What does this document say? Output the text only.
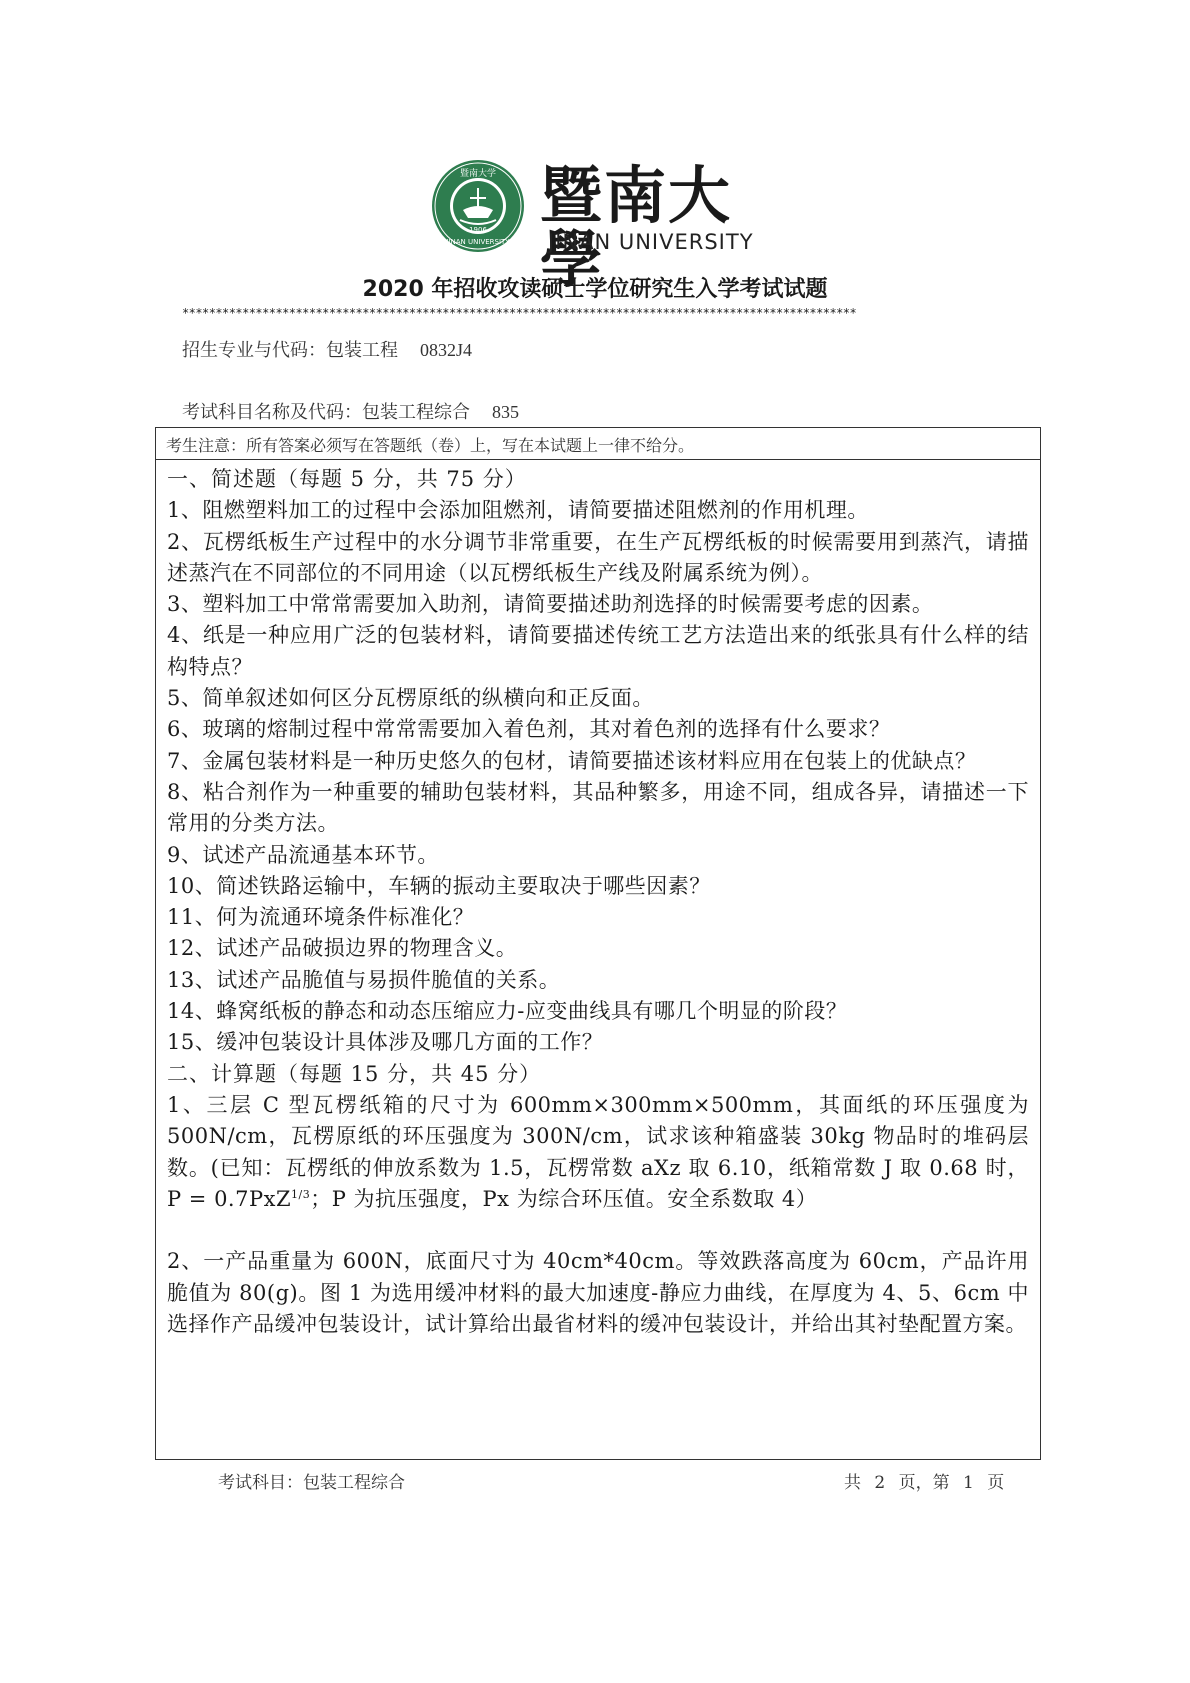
暨南大学
JINAN UNIVERSITY
1906 暨南大學
JINAN UNIVERSITY
2020 年招收攻读硕士学位研究生入学考试试题
*****************************************************************************************************
招生专业与代码：包装工程 0832J4
考试科目名称及代码：包装工程综合 835
考生注意：所有答案必须写在答题纸（卷）上，写在本试题上一律不给分。

一、简述题（每题 5 分，共 75 分）

1、阻燃塑料加工的过程中会添加阻燃剂，请简要描述阻燃剂的作用机理。

2、瓦楞纸板生产过程中的水分调节非常重要，在生产瓦楞纸板的时候需要用到蒸汽，请描述蒸汽在不同部位的不同用途（以瓦楞纸板生产线及附属系统为例）。

3、塑料加工中常常需要加入助剂，请简要描述助剂选择的时候需要考虑的因素。

4、纸是一种应用广泛的包装材料，请简要描述传统工艺方法造出来的纸张具有什么样的结构特点？

5、简单叙述如何区分瓦楞原纸的纵横向和正反面。

6、玻璃的熔制过程中常常需要加入着色剂，其对着色剂的选择有什么要求？

7、金属包装材料是一种历史悠久的包材，请简要描述该材料应用在包装上的优缺点？

8、粘合剂作为一种重要的辅助包装材料，其品种繁多，用途不同，组成各异，请描述一下常用的分类方法。

9、试述产品流通基本环节。

10、简述铁路运输中，车辆的振动主要取决于哪些因素？

11、何为流通环境条件标准化？

12、试述产品破损边界的物理含义。

13、试述产品脆值与易损件脆值的关系。

14、蜂窝纸板的静态和动态压缩应力-应变曲线具有哪几个明显的阶段？

15、缓冲包装设计具体涉及哪几方面的工作？

二、计算题（每题 15 分，共 45 分）

1、三层 C 型瓦楞纸箱的尺寸为 600mm×300mm×500mm，其面纸的环压强度为 500N/cm，瓦楞原纸的环压强度为 300N/cm，试求该种箱盛装 30kg 物品时的堆码层数。(已知：瓦楞纸的伸放系数为 1.5，瓦楞常数 aXz 取 6.10，纸箱常数 J 取 0.68 时，P = 0.7PxZ$^{1/3}$；P 为抗压强度，Px 为综合环压值。安全系数取 4）

2、一产品重量为 600N，底面尺寸为 40cm*40cm。等效跌落高度为 60cm，产品许用脆值为 80(g)。图 1 为选用缓冲材料的最大加速度-静应力曲线，在厚度为 4、5、6cm 中选择作产品缓冲包装设计，试计算给出最省材料的缓冲包装设计，并给出其衬垫配置方案。

考试科目：包装工程综合	共 2 页，第 1 页
